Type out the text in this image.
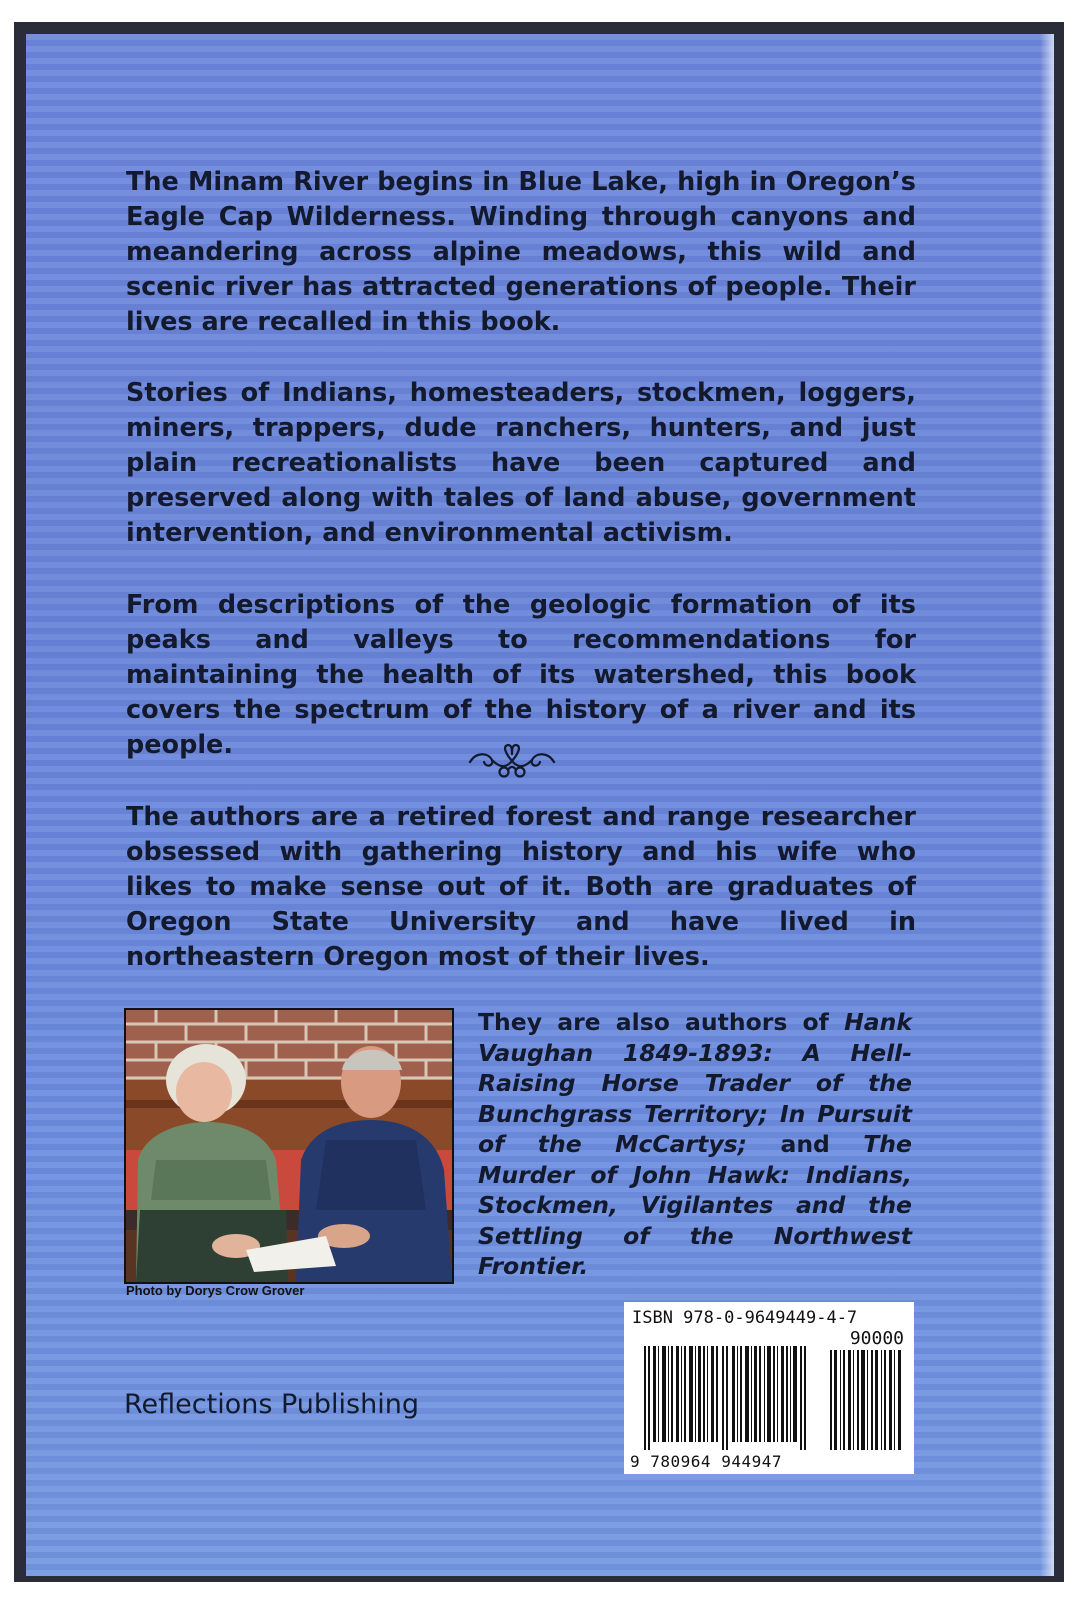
The Minam River begins in Blue Lake, high in Oregon’s Eagle Cap Wilderness. Winding through canyons and meandering across alpine meadows, this wild and scenic river has attracted generations of people. Their lives are recalled in this book.

Stories of Indians, homesteaders, stockmen, loggers, miners, trappers, dude ranchers, hunters, and just plain recreationalists have been captured and preserved along with tales of land abuse, government intervention, and environmental activism.

From descriptions of the geologic formation of its peaks and valleys to recommendations for maintaining the health of its watershed, this book covers the spectrum of the history of a river and its people.

The authors are a retired forest and range researcher obsessed with gathering history and his wife who likes to make sense out of it. Both are graduates of Oregon State University and have lived in northeastern Oregon most of their lives.

Photo by Dorys Crow Grover

They are also authors of Hank Vaughan 1849-1893: A Hell-Raising Horse Trader of the Bunchgrass Territory; In Pursuit of the McCartys; and The Murder of John Hawk: Indians, Stockmen, Vigilantes and the Settling of the Northwest Frontier.

Reflections Publishing

ISBN 978-0-9649449-4-7

90000

9 780964 944947
